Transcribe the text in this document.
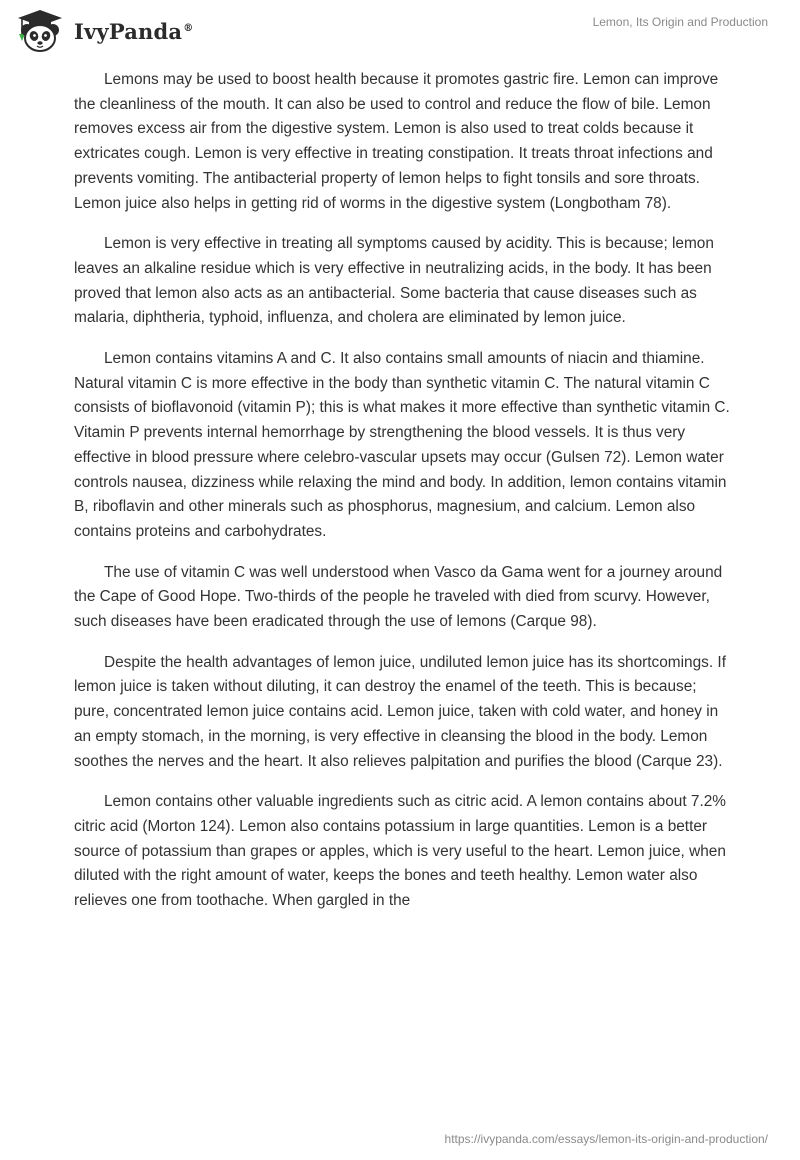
IvyPanda®	Lemon, Its Origin and Production

Lemons may be used to boost health because it promotes gastric fire. Lemon can improve the cleanliness of the mouth. It can also be used to control and reduce the flow of bile. Lemon removes excess air from the digestive system. Lemon is also used to treat colds because it extricates cough. Lemon is very effective in treating constipation. It treats throat infections and prevents vomiting. The antibacterial property of lemon helps to fight tonsils and sore throats. Lemon juice also helps in getting rid of worms in the digestive system (Longbotham 78).

Lemon is very effective in treating all symptoms caused by acidity. This is because; lemon leaves an alkaline residue which is very effective in neutralizing acids, in the body. It has been proved that lemon also acts as an antibacterial. Some bacteria that cause diseases such as malaria, diphtheria, typhoid, influenza, and cholera are eliminated by lemon juice.

Lemon contains vitamins A and C. It also contains small amounts of niacin and thiamine. Natural vitamin C is more effective in the body than synthetic vitamin C. The natural vitamin C consists of bioflavonoid (vitamin P); this is what makes it more effective than synthetic vitamin C. Vitamin P prevents internal hemorrhage by strengthening the blood vessels. It is thus very effective in blood pressure where celebro-vascular upsets may occur (Gulsen 72). Lemon water controls nausea, dizziness while relaxing the mind and body. In addition, lemon contains vitamin B, riboflavin and other minerals such as phosphorus, magnesium, and calcium. Lemon also contains proteins and carbohydrates.

The use of vitamin C was well understood when Vasco da Gama went for a journey around the Cape of Good Hope. Two-thirds of the people he traveled with died from scurvy. However, such diseases have been eradicated through the use of lemons (Carque 98).

Despite the health advantages of lemon juice, undiluted lemon juice has its shortcomings. If lemon juice is taken without diluting, it can destroy the enamel of the teeth. This is because; pure, concentrated lemon juice contains acid. Lemon juice, taken with cold water, and honey in an empty stomach, in the morning, is very effective in cleansing the blood in the body. Lemon soothes the nerves and the heart. It also relieves palpitation and purifies the blood (Carque 23).

Lemon contains other valuable ingredients such as citric acid. A lemon contains about 7.2% citric acid (Morton 124). Lemon also contains potassium in large quantities. Lemon is a better source of potassium than grapes or apples, which is very useful to the heart. Lemon juice, when diluted with the right amount of water, keeps the bones and teeth healthy. Lemon water also relieves one from toothache. When gargled in the

https://ivypanda.com/essays/lemon-its-origin-and-production/
